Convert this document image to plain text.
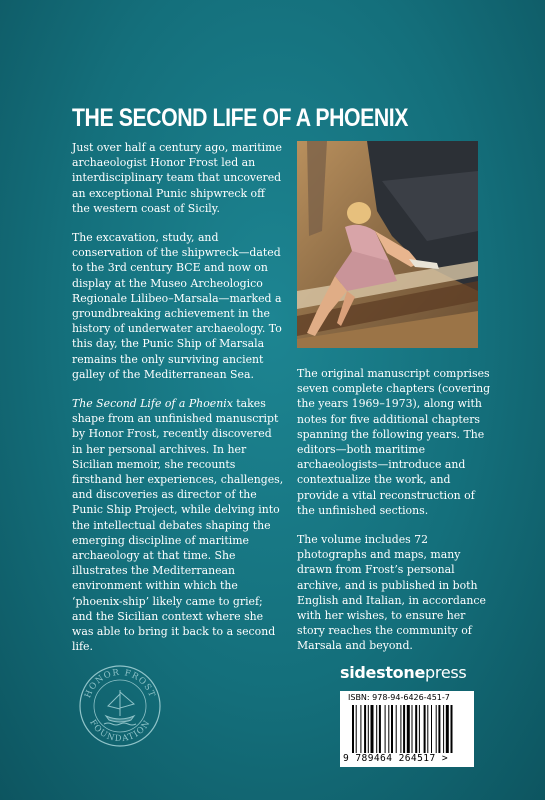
THE SECOND LIFE OF A PHOENIX

Just over half a century ago, maritime archaeologist Honor Frost led an interdisciplinary team that uncovered an exceptional Punic shipwreck off the western coast of Sicily.

The excavation, study, and conservation of the shipwreck—dated to the 3rd century BCE and now on display at the Museo Archeologico Regionale Lilibeo–Marsala—marked a groundbreaking achievement in the history of underwater archaeology. To this day, the Punic Ship of Marsala remains the only surviving ancient galley of the Mediterranean Sea.

The Second Life of a Phoenix takes shape from an unfinished manuscript by Honor Frost, recently discovered in her personal archives. In her Sicilian memoir, she recounts firsthand her experiences, challenges, and discoveries as director of the Punic Ship Project, while delving into the intellectual debates shaping the emerging discipline of maritime archaeology at that time. She illustrates the Mediterranean environment within which the ‘phoenix-ship’ likely came to grief; and the Sicilian context where she was able to bring it back to a second life.

The original manuscript comprises seven complete chapters (covering the years 1969–1973), along with notes for five additional chapters spanning the following years. The editors—both maritime archaeologists—introduce and contextualize the work, and provide a vital reconstruction of the unfinished sections.

The volume includes 72 photographs and maps, many drawn from Frost’s personal archive, and is published in both English and Italian, in accordance with her wishes, to ensure her story reaches the community of Marsala and beyond.

HONOR FROST
FOUNDATION
sidestonepress
ISBN: 978-94-6426-451-7
9 789464 264517 >
